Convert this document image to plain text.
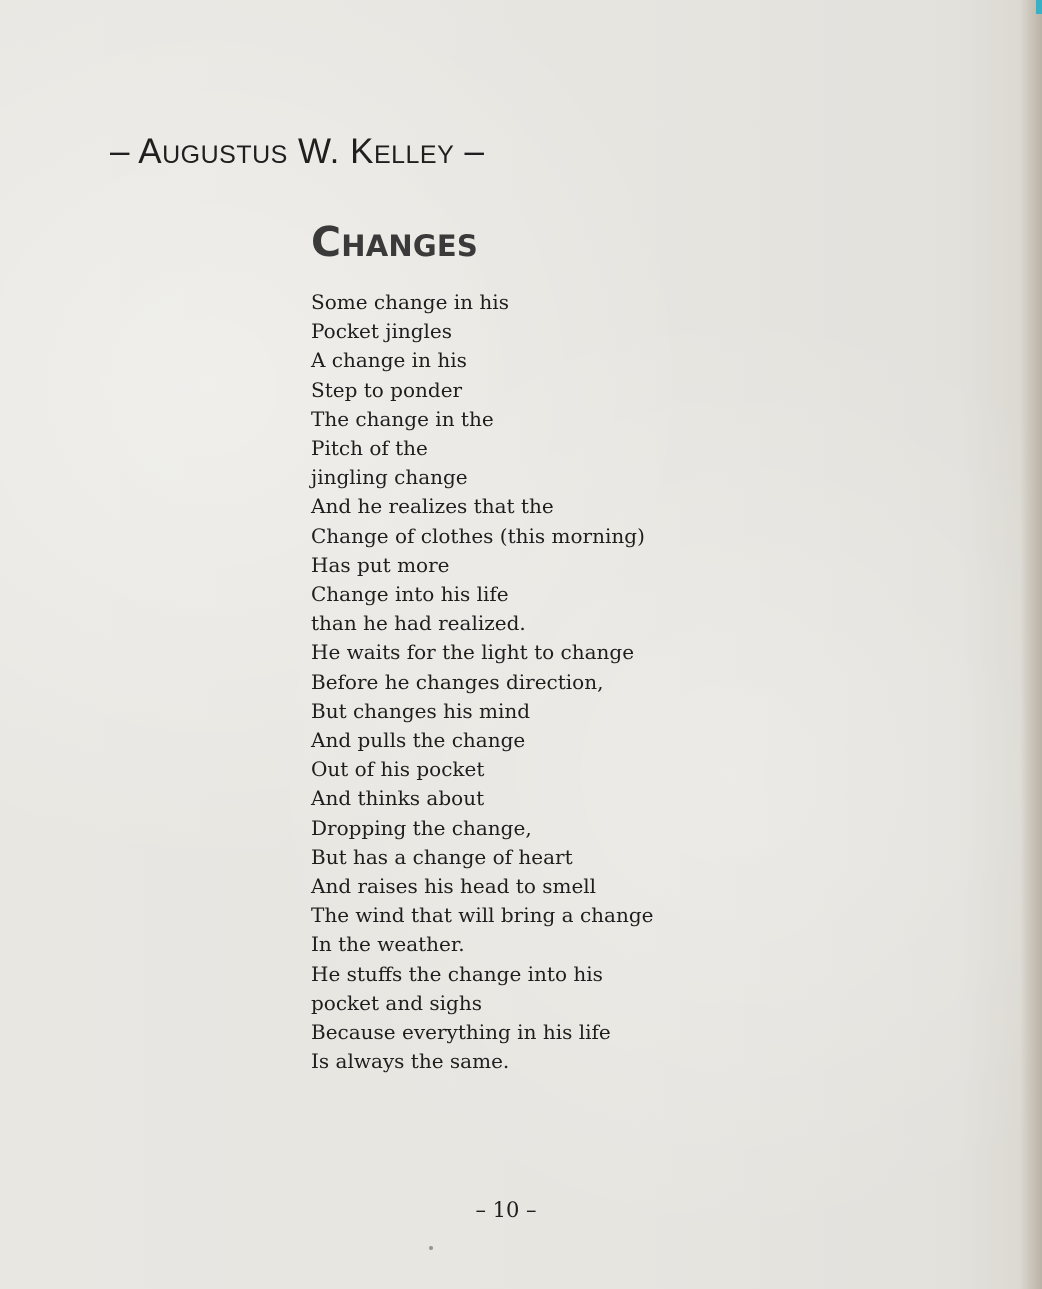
– Augustus W. Kelley –
Changes
Some change in his
Pocket jingles
A change in his
Step to ponder
The change in the
Pitch of the
jingling change
And he realizes that the
Change of clothes (this morning)
Has put more
Change into his life
than he had realized.
He waits for the light to change
Before he changes direction,
But changes his mind
And pulls the change
Out of his pocket
And thinks about
Dropping the change,
But has a change of heart
And raises his head to smell
The wind that will bring a change
In the weather.
He stuffs the change into his
pocket and sighs
Because everything in his life
Is always the same.
– 10 –
